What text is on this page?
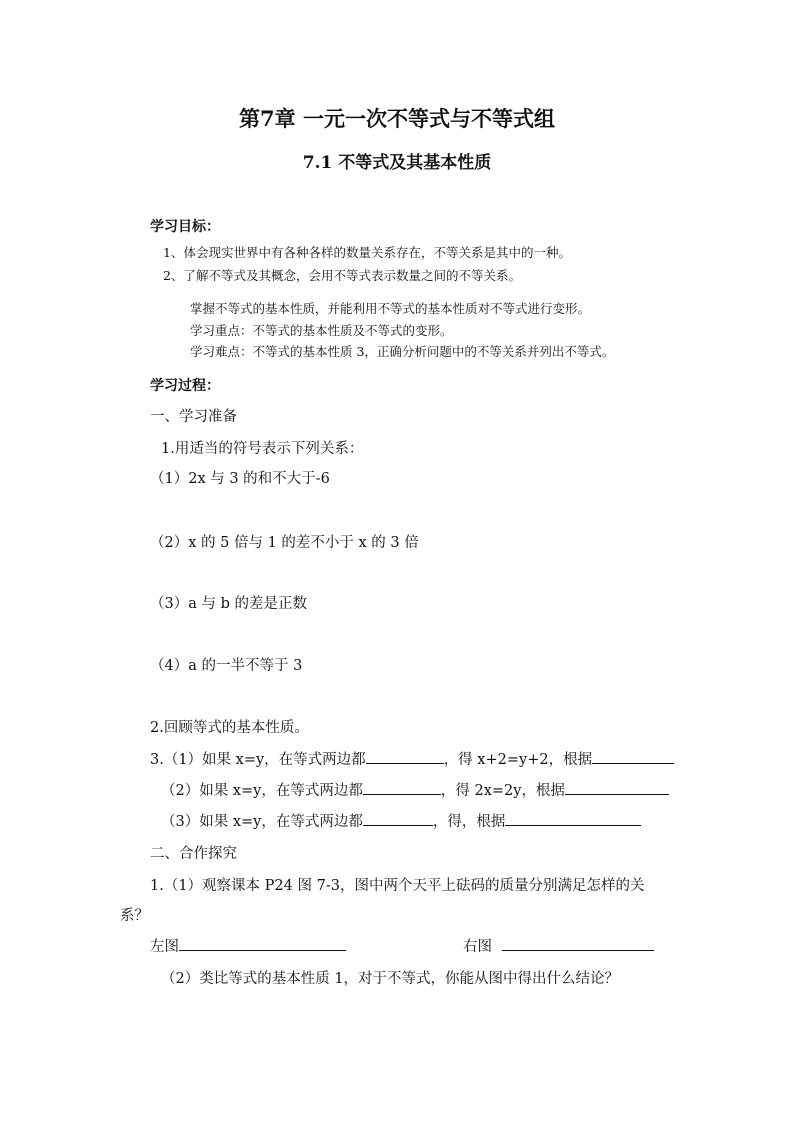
第7章 一元一次不等式与不等式组
7.1 不等式及其基本性质
学习目标：
1、体会现实世界中有各种各样的数量关系存在，不等关系是其中的一种。
2、了解不等式及其概念，会用不等式表示数量之间的不等关系。
掌握不等式的基本性质，并能利用不等式的基本性质对不等式进行变形。
学习重点：不等式的基本性质及不等式的变形。
学习难点：不等式的基本性质 3，正确分析问题中的不等关系并列出不等式。
学习过程：
一、学习准备
1.用适当的符号表示下列关系：
（1）2x 与 3 的和不大于-6
（2）x 的 5 倍与 1 的差不小于 x 的 3 倍
（3）a 与 b 的差是正数
（4）a 的一半不等于 3
2.回顾等式的基本性质。
3.（1）如果 x=y，在等式两边都	，得 x+2=y+2，根据
（2）如果 x=y，在等式两边都	，得 2x=2y，根据
（3）如果 x=y，在等式两边都	，得，根据
二、合作探究
1.（1）观察课本 P24 图 7-3，图中两个天平上砝码的质量分别满足怎样的关
系？
左图	右图
（2）类比等式的基本性质 1，对于不等式，你能从图中得出什么结论？
